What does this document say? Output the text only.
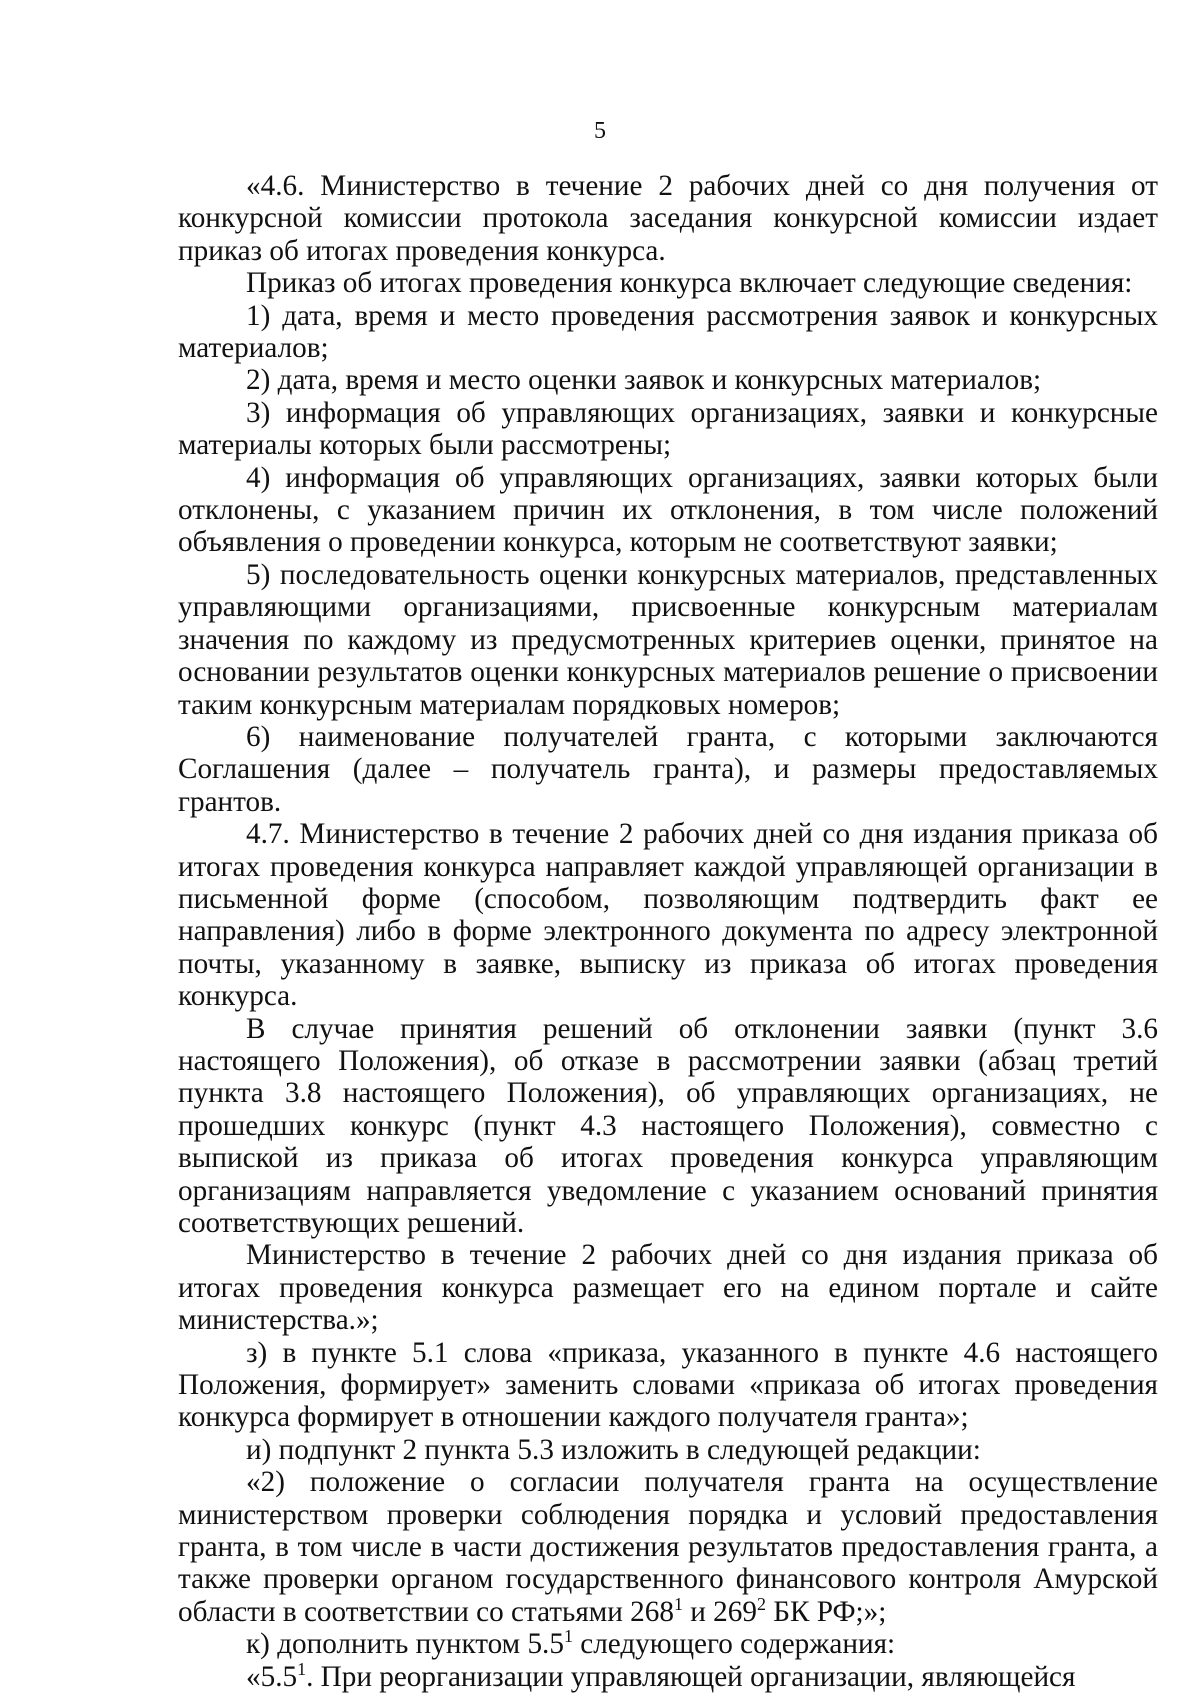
5

«4.6. Министерство в течение 2 рабочих дней со дня получения от конкурсной комиссии протокола заседания конкурсной комиссии издает приказ об итогах проведения конкурса.

Приказ об итогах проведения конкурса включает следующие сведения:

1) дата, время и место проведения рассмотрения заявок и конкурсных материалов;

2) дата, время и место оценки заявок и конкурсных материалов;

3) информация об управляющих организациях, заявки и конкурсные материалы которых были рассмотрены;

4) информация об управляющих организациях, заявки которых были отклонены, с указанием причин их отклонения, в том числе положений объявления о проведении конкурса, которым не соответствуют заявки;

5) последовательность оценки конкурсных материалов, представленных управляющими организациями, присвоенные конкурсным материалам значения по каждому из предусмотренных критериев оценки, принятое на основании результатов оценки конкурсных материалов решение о присвоении таким конкурсным материалам порядковых номеров;

6) наименование получателей гранта, с которыми заключаются Соглашения (далее – получатель гранта), и размеры предоставляемых грантов.

4.7. Министерство в течение 2 рабочих дней со дня издания приказа об итогах проведения конкурса направляет каждой управляющей организации в письменной форме (способом, позволяющим подтвердить факт ее направления) либо в форме электронного документа по адресу электронной почты, указанному в заявке, выписку из приказа об итогах проведения конкурса.

В случае принятия решений об отклонении заявки (пункт 3.6 настоящего Положения), об отказе в рассмотрении заявки (абзац третий пункта 3.8 настоящего Положения), об управляющих организациях, не прошедших конкурс (пункт 4.3 настоящего Положения), совместно с выпиской из приказа об итогах проведения конкурса управляющим организациям направляется уведомление с указанием оснований принятия соответствующих решений.

Министерство в течение 2 рабочих дней со дня издания приказа об итогах проведения конкурса размещает его на едином портале и сайте министерства.»;

з) в пункте 5.1 слова «приказа, указанного в пункте 4.6 настоящего Положения, формирует» заменить словами «приказа об итогах проведения конкурса формирует в отношении каждого получателя гранта»;

и) подпункт 2 пункта 5.3 изложить в следующей редакции:

«2) положение о согласии получателя гранта на осуществление министерством проверки соблюдения порядка и условий предоставления гранта, в том числе в части достижения результатов предоставления гранта, а также проверки органом государственного финансового контроля Амурской области в соответствии со статьями $268^1$ и $269^2$ БК РФ;»;

к) дополнить пунктом $5.5^1$ следующего содержания:

«$5.5^1$. При реорганизации управляющей организации, являющейся
